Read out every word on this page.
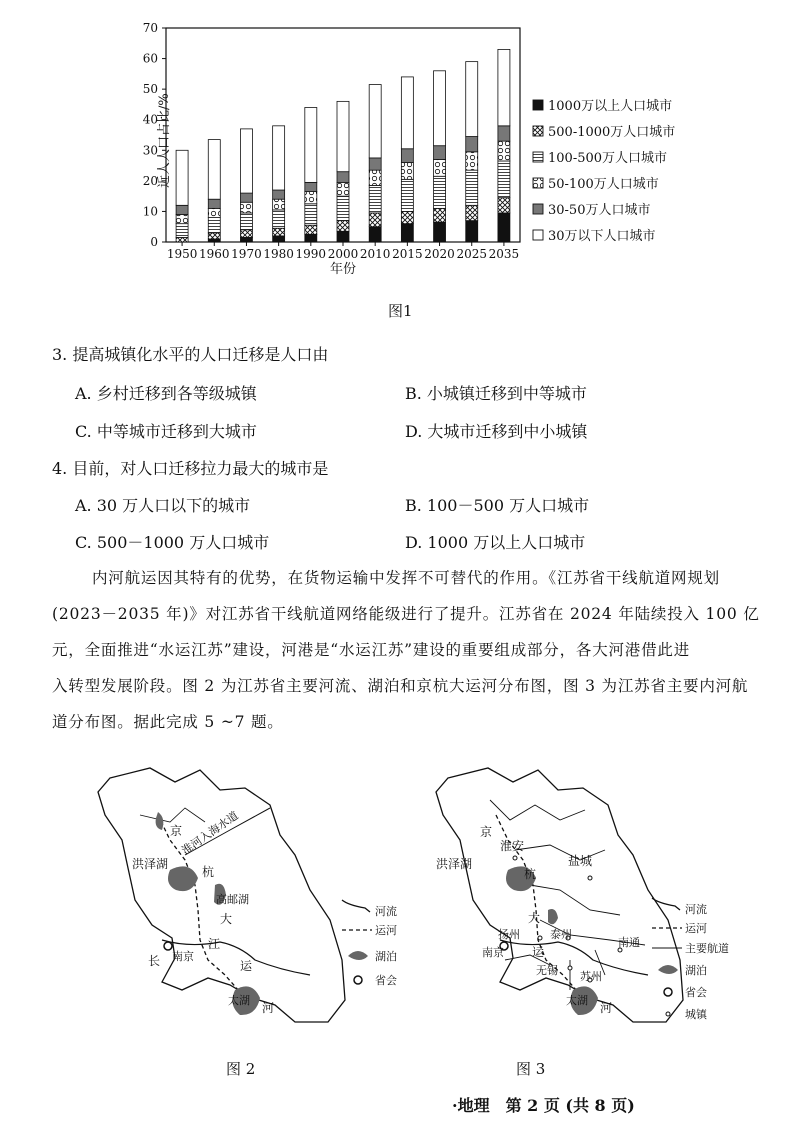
0
10
20
30
40
50
60
70
1950 1960 1970 1980 1990 2000 2010 2015 2020 2025 2035
近人人口占比/%
年份
1000万以上人口城市
500-1000万人口城市
100-500万人口城市
50-100万人口城市
30-50万人口城市
30万以下人口城市
图1
3. 提高城镇化水平的人口迁移是人口由
A. 乡村迁移到各等级城镇	B. 小城镇迁移到中等城市
C. 中等城市迁移到大城市	D. 大城市迁移到中小城镇
4. 目前，对人口迁移拉力最大的城市是
A. 30 万人口以下的城市	B. 100－500 万人口城市
C. 500－1000 万人口城市	D. 1000 万以上人口城市
内河航运因其特有的优势，在货物运输中发挥不可替代的作用。《江苏省干线航道网规划
(2023－2035 年)》对江苏省干线航道网络能级进行了提升。江苏省在 2024 年陆续投入 100 亿
元，全面推进“水运江苏”建设，河港是“水运江苏”建设的重要组成部分，各大河港借此进
入转型发展阶段。图 2 为江苏省主要河流、湖泊和京杭大运河分布图，图 3 为江苏省主要内河航
道分布图。据此完成 5 ~7 题。
京
淮河入海水道
洪泽湖
杭
高邮湖
大
江
南京
长	运
太湖
河
河流
运河
湖泊
省会
图 2
淮安
京
洪泽湖	盐城
杭
大
扬州	泰州
南京 运
南通
无锡 苏州
太湖
河
河流
运河
主要航道
湖泊
省会
城镇
图 3
·地理　第 2 页 (共 8 页)
